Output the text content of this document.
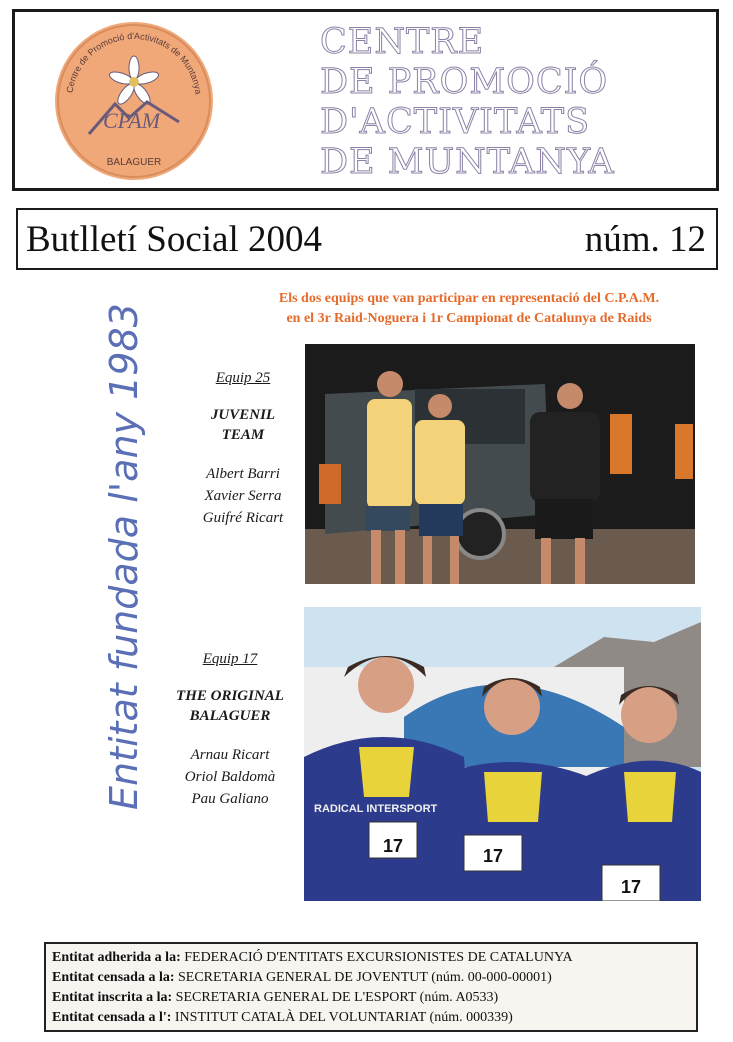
Centre de Promoció d'Activitats de Muntanya
CPAM
BALAGUER
CENTRE
DE PROMOCIÓ
D'ACTIVITATS
DE MUNTANYA
Butlletí Social 2004	núm. 12
Entitat fundada l'any 1983
Els dos equips que van participar en representació del C.P.A.M.
en el 3r Raid-Noguera i 1r Campionat de Catalunya de Raids
Equip 25
JUVENIL
TEAM
Albert Barri
Xavier Serra
Guifré Ricart
Equip 17
THE ORIGINAL
BALAGUER
Arnau Ricart
Oriol Baldomà
Pau Galiano
17	17
17
RADICAL INTERSPORT
Entitat adherida a la: FEDERACIÓ D'ENTITATS EXCURSIONISTES DE CATALUNYA
Entitat censada a la: SECRETARIA GENERAL DE JOVENTUT (núm. 00-000-00001)
Entitat inscrita a la: SECRETARIA GENERAL DE L'ESPORT (núm. A0533)
Entitat censada a l': INSTITUT CATALÀ DEL VOLUNTARIAT (núm. 000339)
